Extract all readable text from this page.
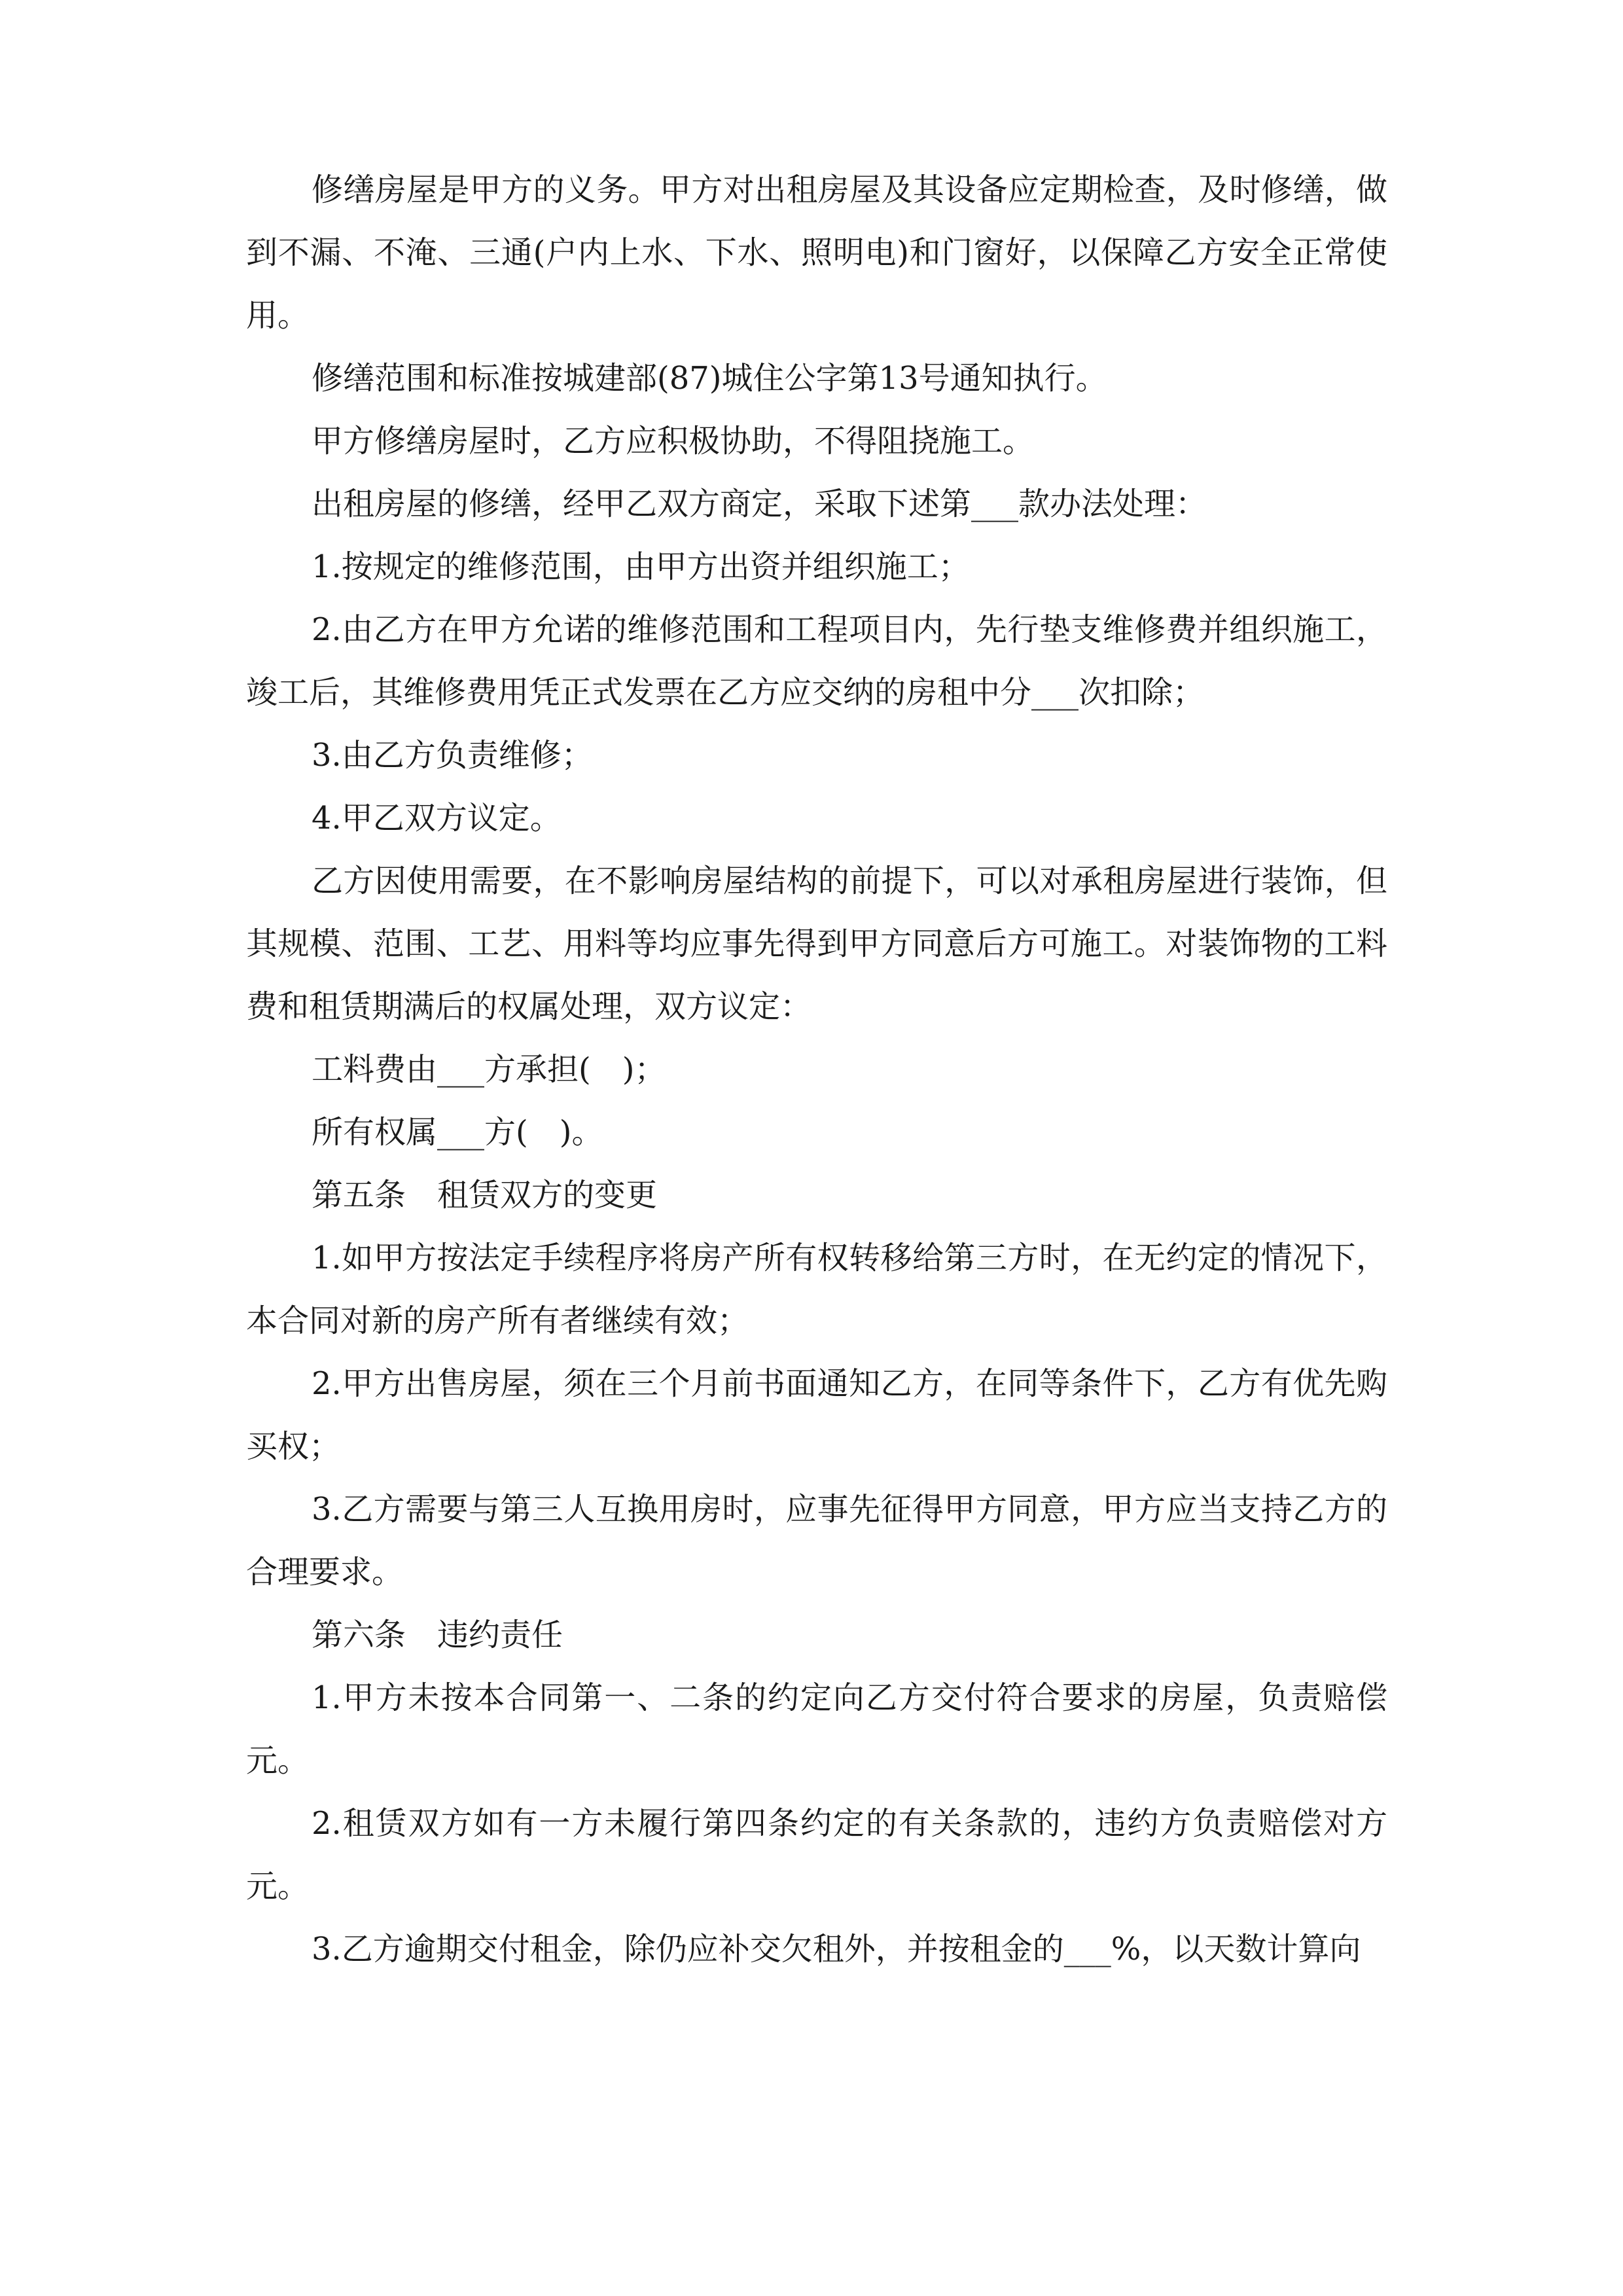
修缮房屋是甲方的义务。甲方对出租房屋及其设备应定期检查，及时修缮，做到不漏、不淹、三通(户内上水、下水、照明电)和门窗好，以保障乙方安全正常使用。

修缮范围和标准按城建部(87)城住公字第13号通知执行。

甲方修缮房屋时，乙方应积极协助，不得阻挠施工。

出租房屋的修缮，经甲乙双方商定，采取下述第___款办法处理：

1.按规定的维修范围，由甲方出资并组织施工；

2.由乙方在甲方允诺的维修范围和工程项目内，先行垫支维修费并组织施工，竣工后，其维修费用凭正式发票在乙方应交纳的房租中分___次扣除；

3.由乙方负责维修；

4.甲乙双方议定。

乙方因使用需要，在不影响房屋结构的前提下，可以对承租房屋进行装饰，但其规模、范围、工艺、用料等均应事先得到甲方同意后方可施工。对装饰物的工料费和租赁期满后的权属处理，双方议定：

工料费由___方承担(　)；

所有权属___方(　)。

第五条　租赁双方的变更

1.如甲方按法定手续程序将房产所有权转移给第三方时，在无约定的情况下，本合同对新的房产所有者继续有效；

2.甲方出售房屋，须在三个月前书面通知乙方，在同等条件下，乙方有优先购买权；

3.乙方需要与第三人互换用房时，应事先征得甲方同意，甲方应当支持乙方的合理要求。

第六条　违约责任

1.甲方未按本合同第一、二条的约定向乙方交付符合要求的房屋，负责赔偿元。

2.租赁双方如有一方未履行第四条约定的有关条款的，违约方负责赔偿对方元。

3.乙方逾期交付租金，除仍应补交欠租外，并按租金的___%，以天数计算向
